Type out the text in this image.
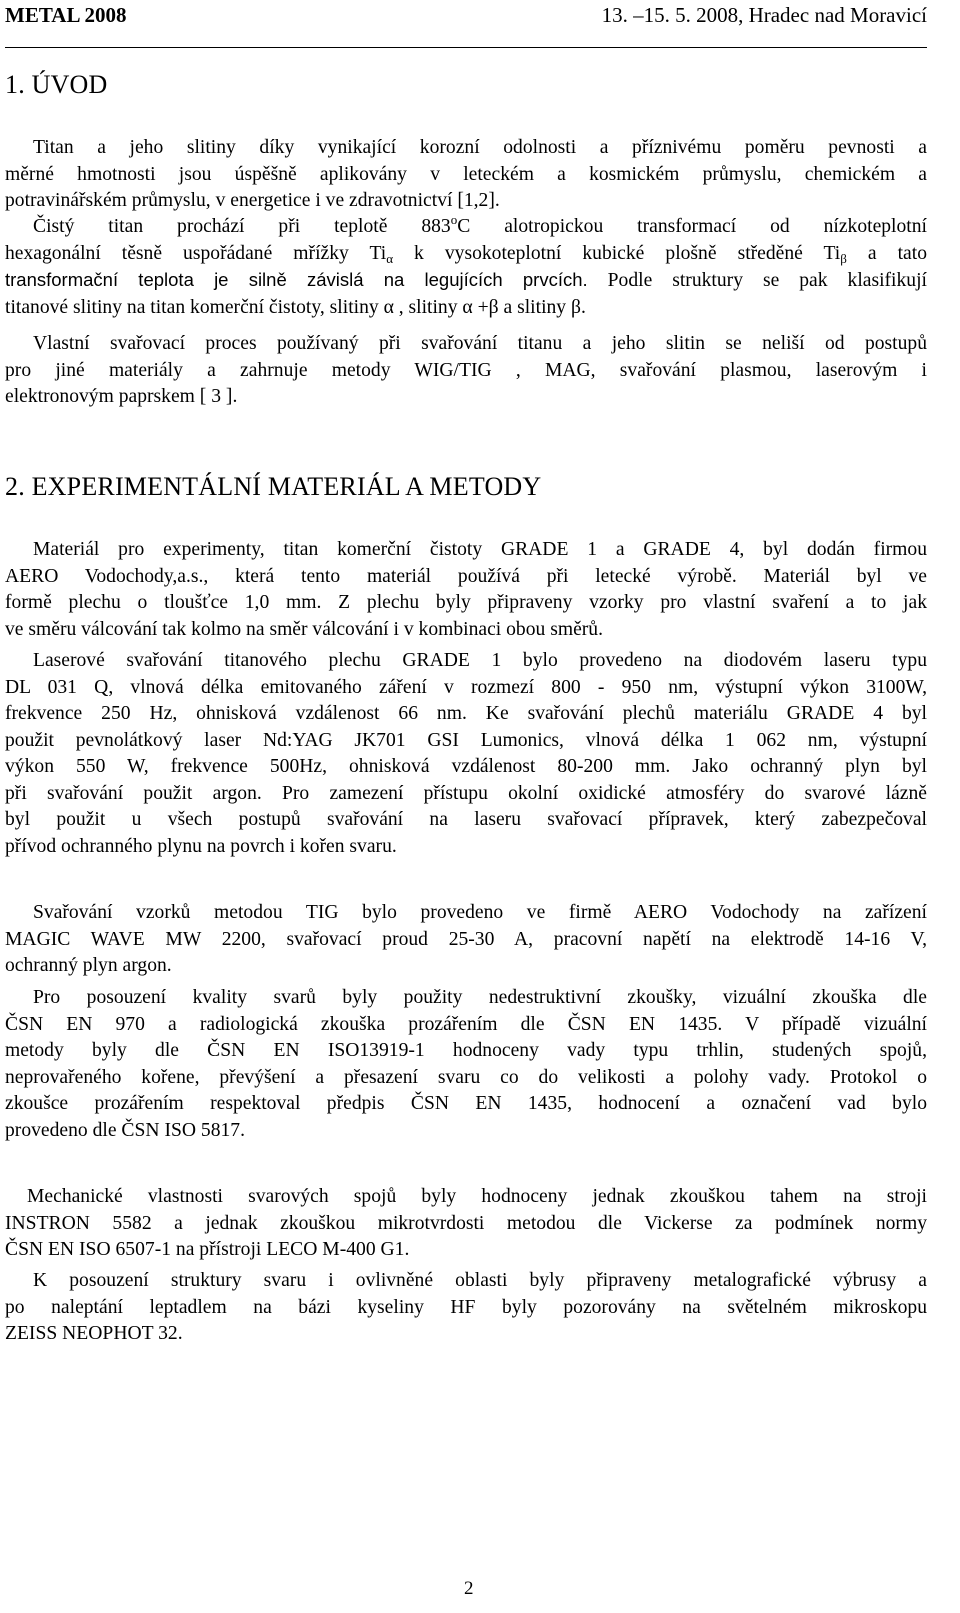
METAL 2008	13. –15. 5. 2008, Hradec nad Moravicí
1. ÚVOD
Titan a jeho slitiny díky vynikající korozní odolnosti a příznivému poměru pevnosti a
měrné hmotnosti jsou úspěšně aplikovány v leteckém a kosmickém průmyslu, chemickém a
potravinářském průmyslu, v energetice i ve zdravotnictví [1,2].
Čistý titan prochází při teplotě 883$^o$C alotropickou transformací od nízkoteplotní
hexagonální těsně uspořádané mřížky $Ti_\alpha$ k vysokoteplotní kubické plošně středěné $Ti_\beta$ a tato
transformační teplota je silně závislá na legujících prvcích. Podle struktury se pak klasifikují
titanové slitiny na titan komerční čistoty, slitiny α , slitiny α +β a slitiny β.
Vlastní svařovací proces používaný při svařování titanu a jeho slitin se neliší od postupů
pro jiné materiály a zahrnuje metody WIG/TIG , MAG, svařování plasmou, laserovým i
elektronovým paprskem [ 3 ].
2. EXPERIMENTÁLNÍ MATERIÁL A METODY
Materiál pro experimenty, titan komerční čistoty GRADE 1 a GRADE 4, byl dodán firmou
AERO Vodochody,a.s., která tento materiál používá při letecké výrobě. Materiál byl ve
formě plechu o tloušťce 1,0 mm. Z plechu byly připraveny vzorky pro vlastní svaření a to jak
ve směru válcování tak kolmo na směr válcování i v kombinaci obou směrů.
Laserové svařování titanového plechu GRADE 1 bylo provedeno na diodovém laseru typu
DL 031 Q, vlnová délka emitovaného záření v rozmezí 800 - 950 nm, výstupní výkon 3100W,
frekvence 250 Hz, ohnisková vzdálenost 66 nm. Ke svařování plechů materiálu GRADE 4 byl
použit pevnolátkový laser Nd:YAG JK701 GSI Lumonics, vlnová délka 1 062 nm, výstupní
výkon 550 W, frekvence 500Hz, ohnisková vzdálenost 80-200 mm. Jako ochranný plyn byl
při svařování použit argon. Pro zamezení přístupu okolní oxidické atmosféry do svarové lázně
byl použit u všech postupů svařování na laseru svařovací přípravek, který zabezpečoval
přívod ochranného plynu na povrch i kořen svaru.
Svařování vzorků metodou TIG bylo provedeno ve firmě AERO Vodochody na zařízení
MAGIC WAVE MW 2200, svařovací proud 25-30 A, pracovní napětí na elektrodě 14-16 V,
ochranný plyn argon.
Pro posouzení kvality svarů byly použity nedestruktivní zkoušky, vizuální zkouška dle
ČSN EN 970 a radiologická zkouška prozářením dle ČSN EN 1435. V případě vizuální
metody byly dle ČSN EN ISO13919-1 hodnoceny vady typu trhlin, studených spojů,
neprovařeného kořene, převýšení a přesazení svaru co do velikosti a polohy vady. Protokol o
zkoušce prozářením respektoval předpis ČSN EN 1435, hodnocení a označení vad bylo
provedeno dle ČSN ISO 5817.
Mechanické vlastnosti svarových spojů byly hodnoceny jednak zkouškou tahem na stroji
INSTRON 5582 a jednak zkouškou mikrotvrdosti metodou dle Vickerse za podmínek normy
ČSN EN ISO 6507-1 na přístroji LECO M-400 G1.
K posouzení struktury svaru i ovlivněné oblasti byly připraveny metalografické výbrusy a
po naleptání leptadlem na bázi kyseliny HF byly pozorovány na světelném mikroskopu
ZEISS NEOPHOT 32.
2
